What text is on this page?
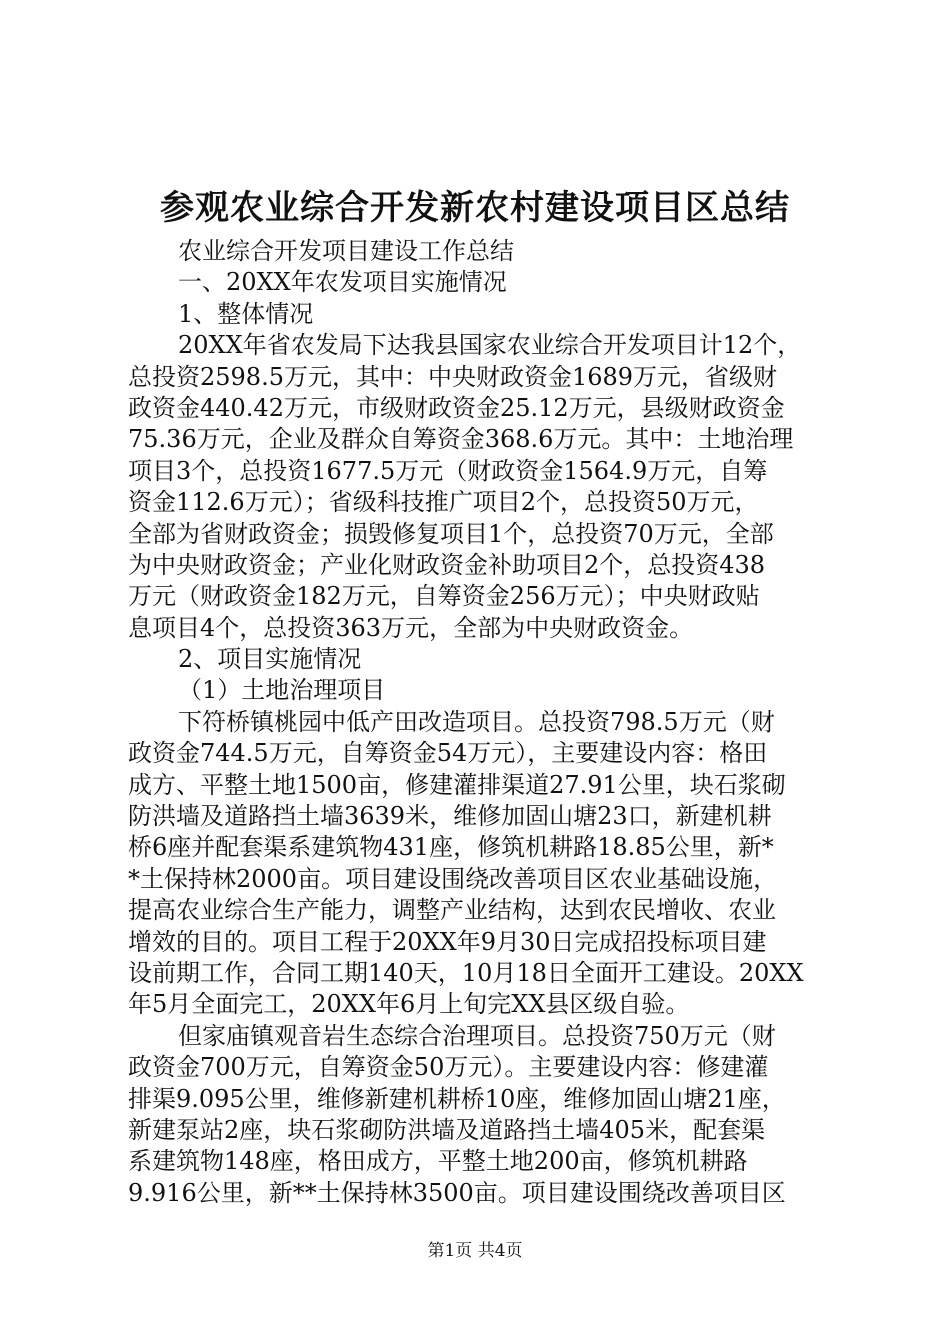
参观农业综合开发新农村建设项目区总结
农业综合开发项目建设工作总结
一、20XX年农发项目实施情况
1、整体情况
20XX年省农发局下达我县国家农业综合开发项目计12个，
总投资2598.5万元，其中：中央财政资金1689万元，省级财
政资金440.42万元，市级财政资金25.12万元，县级财政资金
75.36万元，企业及群众自筹资金368.6万元。其中：土地治理
项目3个，总投资1677.5万元（财政资金1564.9万元，自筹
资金112.6万元）；省级科技推广项目2个，总投资50万元，
全部为省财政资金；损毁修复项目1个，总投资70万元，全部
为中央财政资金；产业化财政资金补助项目2个，总投资438
万元（财政资金182万元，自筹资金256万元）；中央财政贴
息项目4个，总投资363万元，全部为中央财政资金。
2、项目实施情况
（1）土地治理项目
下符桥镇桃园中低产田改造项目。总投资798.5万元（财
政资金744.5万元，自筹资金54万元），主要建设内容：格田
成方、平整土地1500亩，修建灌排渠道27.91公里，块石浆砌
防洪墙及道路挡土墙3639米，维修加固山塘23口，新建机耕
桥6座并配套渠系建筑物431座，修筑机耕路18.85公里，新*
*土保持林2000亩。项目建设围绕改善项目区农业基础设施，
提高农业综合生产能力，调整产业结构，达到农民增收、农业
增效的目的。项目工程于20XX年9月30日完成招投标项目建
设前期工作，合同工期140天，10月18日全面开工建设。20XX
年5月全面完工，20XX年6月上旬完XX县区级自验。
但家庙镇观音岩生态综合治理项目。总投资750万元（财
政资金700万元，自筹资金50万元）。主要建设内容：修建灌
排渠9.095公里，维修新建机耕桥10座，维修加固山塘21座，
新建泵站2座，块石浆砌防洪墙及道路挡土墙405米，配套渠
系建筑物148座，格田成方，平整土地200亩，修筑机耕路
9.916公里，新**土保持林3500亩。项目建设围绕改善项目区
第1页 共4页
